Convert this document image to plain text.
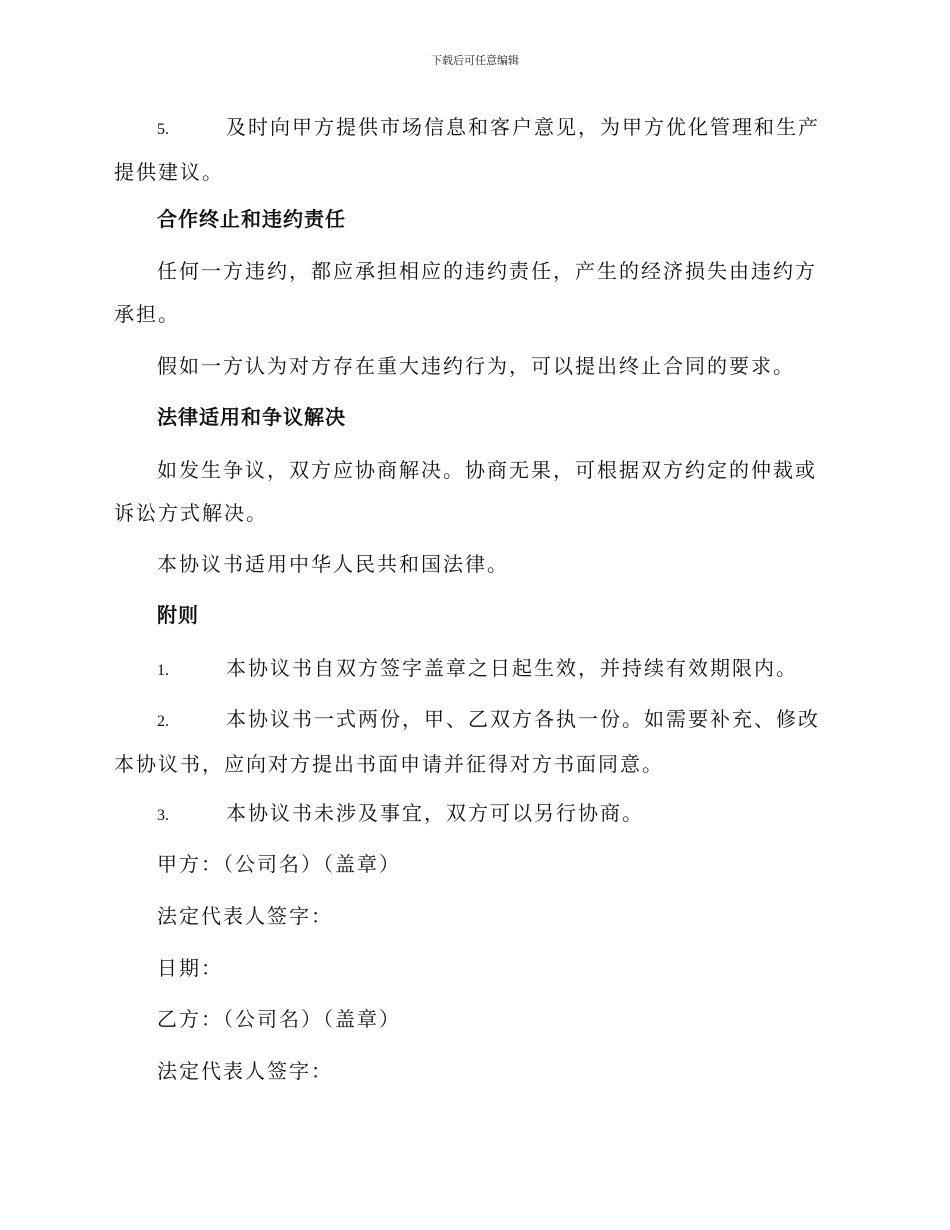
下载后可任意编辑
5.	及时向甲方提供市场信息和客户意见，为甲方优化管理和生产提供建议。
合作终止和违约责任
任何一方违约，都应承担相应的违约责任，产生的经济损失由违约方承担。
假如一方认为对方存在重大违约行为，可以提出终止合同的要求。
法律适用和争议解决
如发生争议，双方应协商解决。协商无果，可根据双方约定的仲裁或诉讼方式解决。
本协议书适用中华人民共和国法律。
附则
1.	本协议书自双方签字盖章之日起生效，并持续有效期限内。
2.	本协议书一式两份，甲、乙双方各执一份。如需要补充、修改本协议书，应向对方提出书面申请并征得对方书面同意。
3.	本协议书未涉及事宜，双方可以另行协商。
甲方：（公司名）（盖章）
法定代表人签字：
日期：
乙方：（公司名）（盖章）
法定代表人签字：
